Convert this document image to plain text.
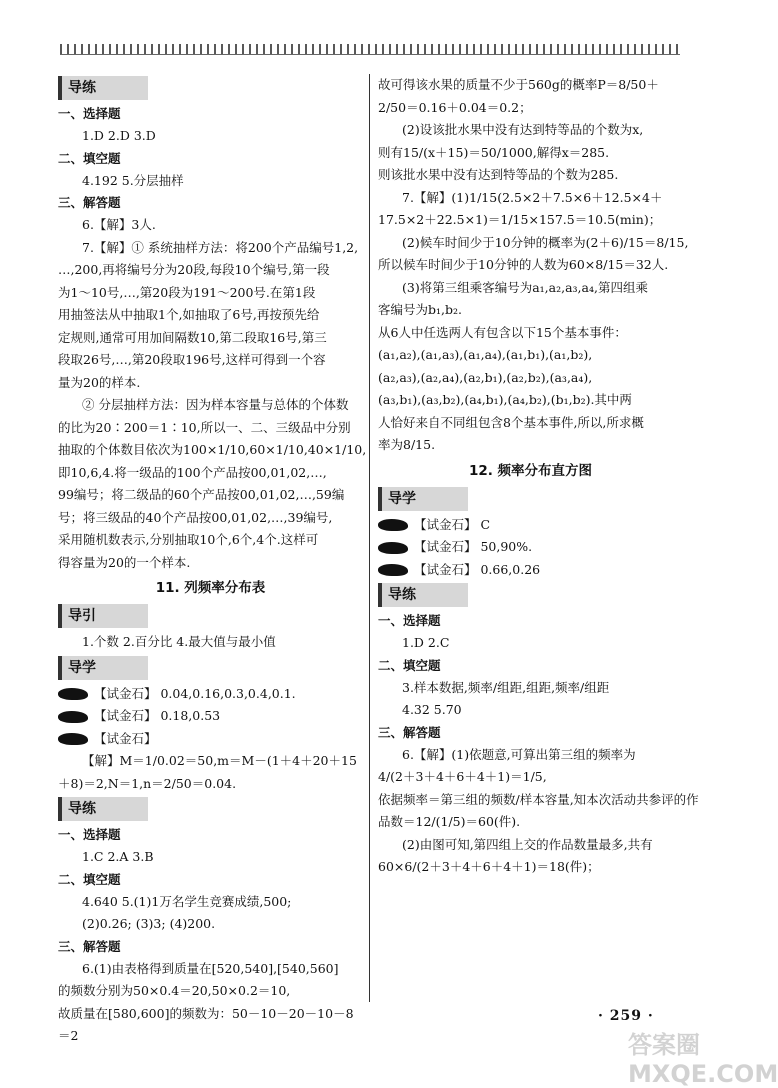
导练
一、选择题
1.D 2.D 3.D
二、填空题
4.192 5.分层抽样
三、解答题
6.【解】3人.
7.【解】① 系统抽样方法：将200个产品编号1,2,
…,200,再将编号分为20段,每段10个编号,第一段
为1～10号,…,第20段为191～200号.在第1段
用抽签法从中抽取1个,如抽取了6号,再按预先给
定规则,通常可用加间隔数10,第二段取16号,第三
段取26号,…,第20段取196号,这样可得到一个容
量为20的样本.
② 分层抽样方法：因为样本容量与总体的个体数
的比为20∶200＝1∶10,所以一、二、三级品中分别
抽取的个体数目依次为100×1/10,60×1/10,40×1/10,
即10,6,4.将一级品的100个产品按00,01,02,…,
99编号；将二级品的60个产品按00,01,02,…,59编
号；将三级品的40个产品按00,01,02,…,39编号,
采用随机数表示,分别抽取10个,6个,4个.这样可
得容量为20的一个样本.
11. 列频率分布表
导引
1.个数 2.百分比 4.最大值与最小值
导学
【试金石】 0.04,0.16,0.3,0.4,0.1.
【试金石】 0.18,0.53
【试金石】
【解】M＝1/0.02＝50,m＝M－(1＋4＋20＋15
＋8)＝2,N＝1,n＝2/50＝0.04.
导练
一、选择题
1.C 2.A 3.B
二、填空题
4.640 5.(1)1万名学生竞赛成绩,500;
(2)0.26; (3)3; (4)200.
三、解答题
6.(1)由表格得到质量在[520,540],[540,560]
的频数分别为50×0.4＝20,50×0.2＝10,
故质量在[580,600]的频数为：50－10－20－10－8
＝2
故可得该水果的质量不少于560g的概率P＝8/50＋
2/50＝0.16＋0.04＝0.2；
(2)设该批水果中没有达到特等品的个数为x,
则有15/(x＋15)＝50/1000,解得x＝285.
则该批水果中没有达到特等品的个数为285.
7.【解】(1)1/15(2.5×2＋7.5×6＋12.5×4＋
17.5×2＋22.5×1)＝1/15×157.5＝10.5(min)；
(2)候车时间少于10分钟的概率为(2＋6)/15＝8/15,
所以候车时间少于10分钟的人数为60×8/15＝32人.
(3)将第三组乘客编号为a₁,a₂,a₃,a₄,第四组乘
客编号为b₁,b₂.
从6人中任选两人有包含以下15个基本事件：
(a₁,a₂),(a₁,a₃),(a₁,a₄),(a₁,b₁),(a₁,b₂),
(a₂,a₃),(a₂,a₄),(a₂,b₁),(a₂,b₂),(a₃,a₄),
(a₃,b₁),(a₃,b₂),(a₄,b₁),(a₄,b₂),(b₁,b₂).其中两
人恰好来自不同组包含8个基本事件,所以,所求概
率为8/15.
12. 频率分布直方图
导学
【试金石】 C
【试金石】 50,90%.
【试金石】 0.66,0.26
导练
一、选择题
1.D 2.C
二、填空题
3.样本数据,频率/组距,组距,频率/组距
4.32 5.70
三、解答题
6.【解】(1)依题意,可算出第三组的频率为
4/(2＋3＋4＋6＋4＋1)＝1/5,
依据频率＝第三组的频数/样本容量,知本次活动共参评的作
品数＝12/(1/5)＝60(件).
(2)由图可知,第四组上交的作品数量最多,共有
60×6/(2＋3＋4＋6＋4＋1)＝18(件)；
· 259 ·
答案圈 MXQE.COM
